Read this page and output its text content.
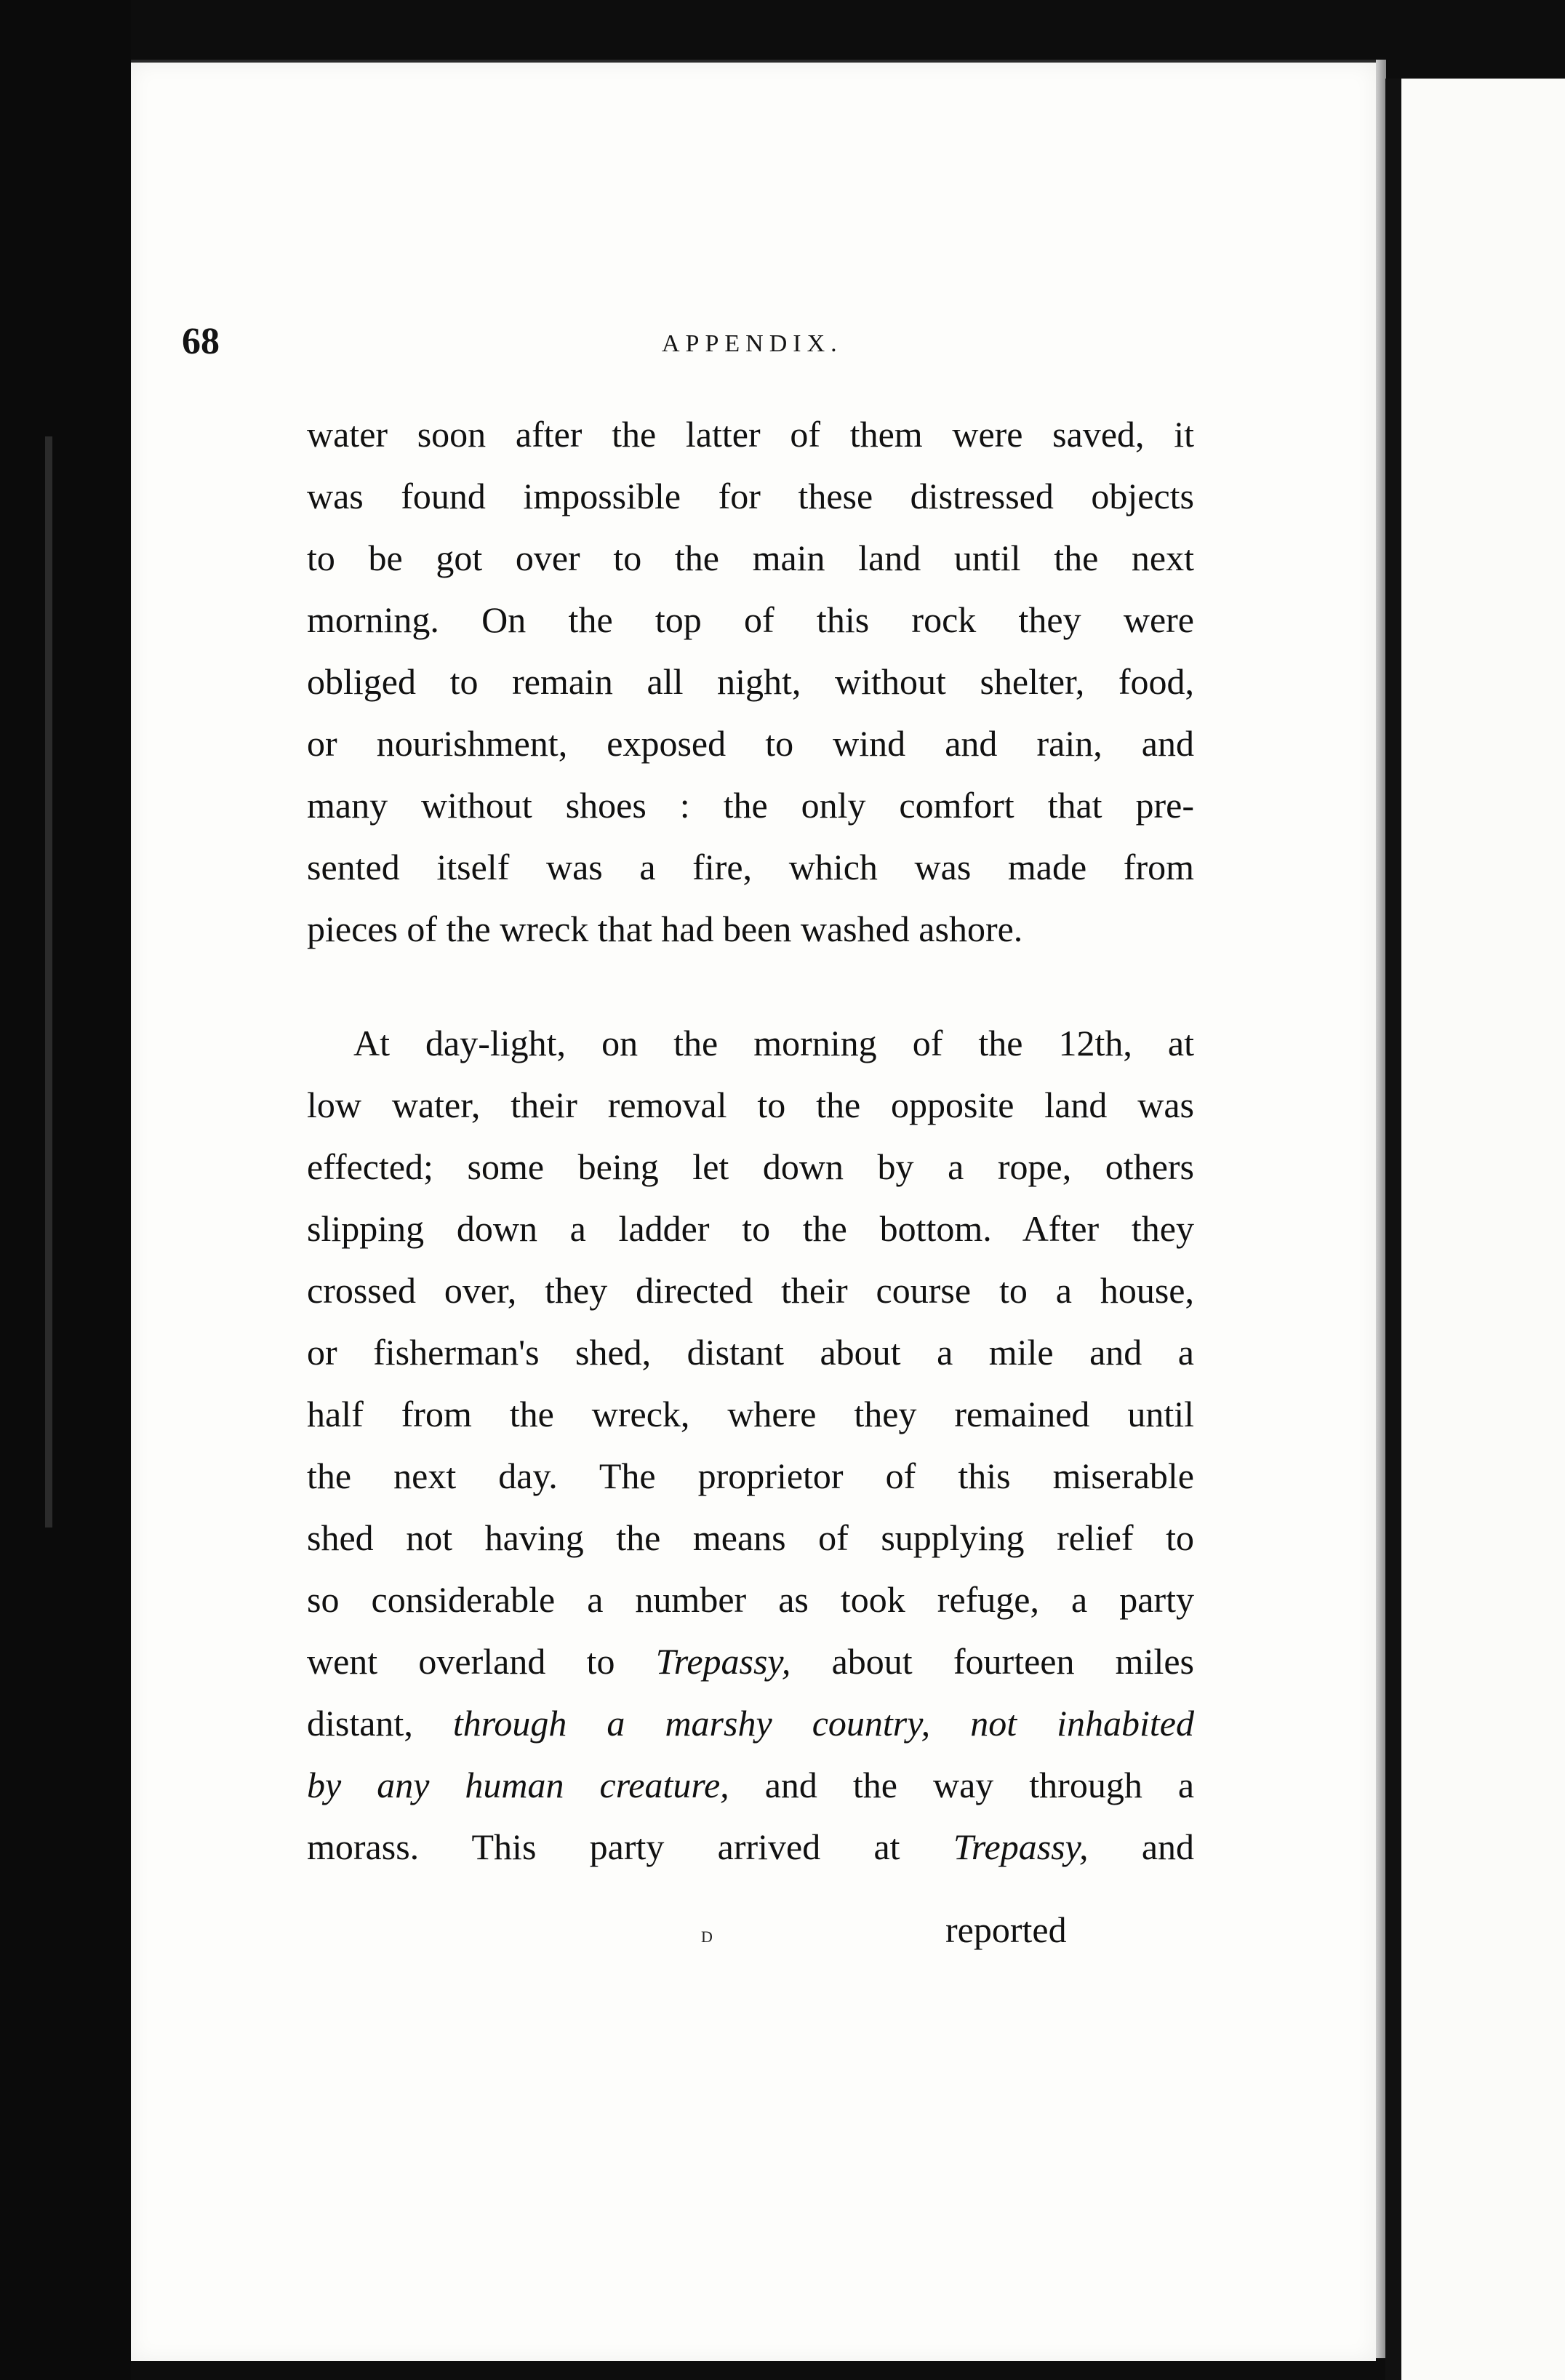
68	APPENDIX.
water soon after the latter of them were saved, it
was found impossible for these distressed objects
to be got over to the main land until the next
morning. On the top of this rock they were
obliged to remain all night, without shelter, food,
or nourishment, exposed to wind and rain, and
many without shoes : the only comfort that pre-
sented itself was a fire, which was made from
pieces of the wreck that had been washed ashore.
At day-light, on the morning of the 12th, at
low water, their removal to the opposite land was
effected; some being let down by a rope, others
slipping down a ladder to the bottom. After they
crossed over, they directed their course to a house,
or fisherman's shed, distant about a mile and a
half from the wreck, where they remained until
the next day. The proprietor of this miserable
shed not having the means of supplying relief to
so considerable a number as took refuge, a party
went overland to Trepassy, about fourteen miles
distant, through a marshy country, not inhabited
by any human creature, and the way through a
morass. This party arrived at Trepassy, and
D	reported
